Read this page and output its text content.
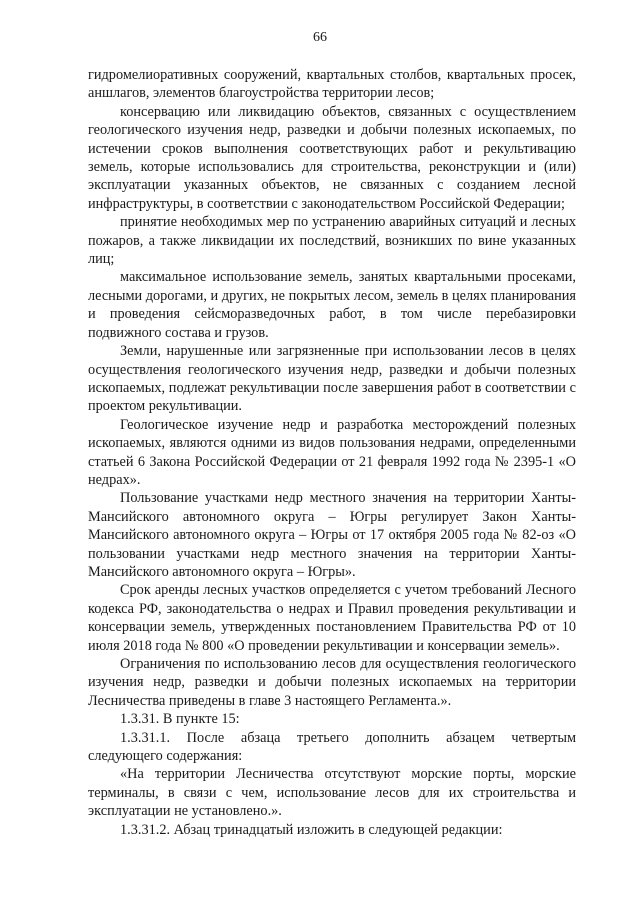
66

гидромелиоративных сооружений, квартальных столбов, квартальных просек, аншлагов, элементов благоустройства территории лесов;

консервацию или ликвидацию объектов, связанных с осуществлением геологического изучения недр, разведки и добычи полезных ископаемых, по истечении сроков выполнения соответствующих работ и рекультивацию земель, которые использовались для строительства, реконструкции и (или) эксплуатации указанных объектов, не связанных с созданием лесной инфраструктуры, в соответствии с законодательством Российской Федерации;

принятие необходимых мер по устранению аварийных ситуаций и лесных пожаров, а также ликвидации их последствий, возникших по вине указанных лиц;

максимальное использование земель, занятых квартальными просеками, лесными дорогами, и других, не покрытых лесом, земель в целях планирования и проведения сейсморазведочных работ, в том числе перебазировки подвижного состава и грузов.

Земли, нарушенные или загрязненные при использовании лесов в целях осуществления геологического изучения недр, разведки и добычи полезных ископаемых, подлежат рекультивации после завершения работ в соответствии с проектом рекультивации.

Геологическое изучение недр и разработка месторождений полезных ископаемых, являются одними из видов пользования недрами, определенными статьей 6 Закона Российской Федерации от 21 февраля 1992 года № 2395-1 «О недрах».

Пользование участками недр местного значения на территории Ханты-Мансийского автономного округа – Югры регулирует Закон Ханты-Мансийского автономного округа – Югры от 17 октября 2005 года № 82-оз «О пользовании участками недр местного значения на территории Ханты-Мансийского автономного округа – Югры».

Срок аренды лесных участков определяется с учетом требований Лесного кодекса РФ, законодательства о недрах и Правил проведения рекультивации и консервации земель, утвержденных постановлением Правительства РФ от 10 июля 2018 года № 800 «О проведении рекультивации и консервации земель».

Ограничения по использованию лесов для осуществления геологического изучения недр, разведки и добычи полезных ископаемых на территории Лесничества приведены в главе 3 настоящего Регламента.».

1.3.31. В пункте 15:

1.3.31.1. После абзаца третьего дополнить абзацем четвертым следующего содержания:

«На территории Лесничества отсутствуют морские порты, морские терминалы, в связи с чем, использование лесов для их строительства и эксплуатации не установлено.».

1.3.31.2. Абзац тринадцатый изложить в следующей редакции:
